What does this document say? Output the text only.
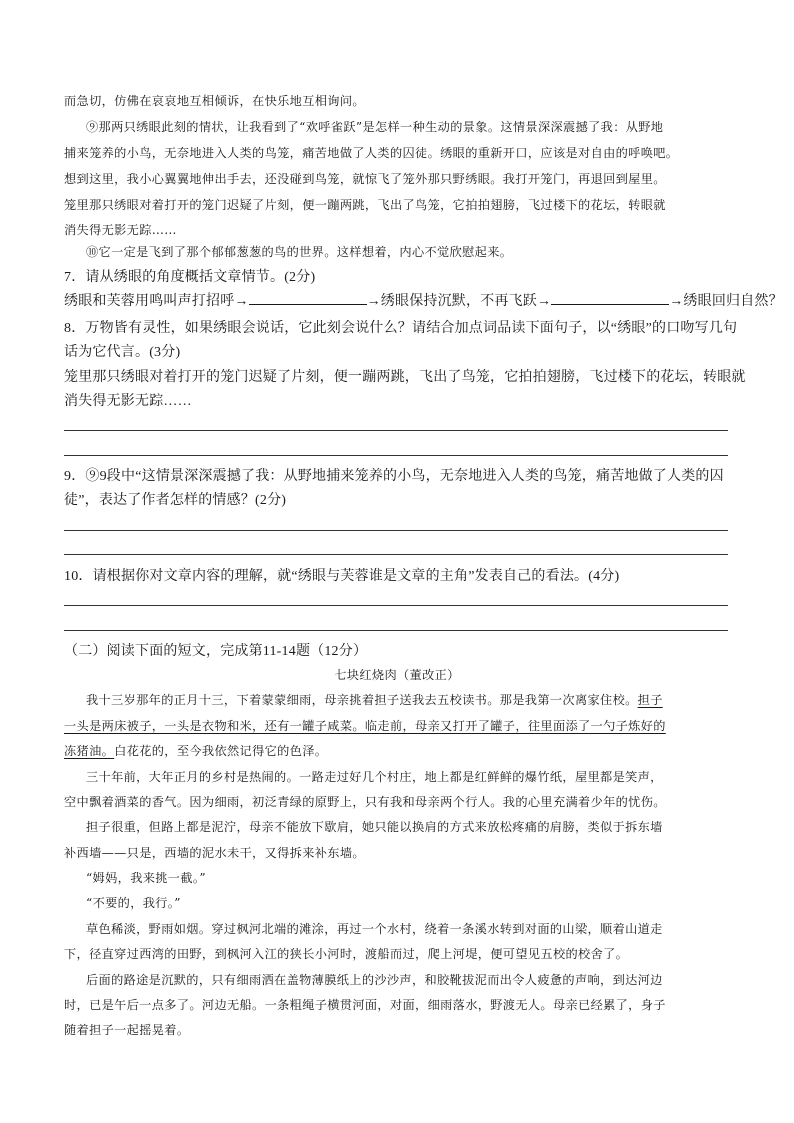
而急切，仿佛在哀哀地互相倾诉，在快乐地互相询问。
⑨那两只绣眼此刻的情状，让我看到了“欢呼雀跃”是怎样一种生动的景象。这情景深深震撼了我：从野地
捕来笼养的小鸟，无奈地进入人类的鸟笼，痛苦地做了人类的囚徒。绣眼的重新开口，应该是对自由的呼唤吧。
想到这里，我小心翼翼地伸出手去，还没碰到鸟笼，就惊飞了笼外那只野绣眼。我打开笼门，再退回到屋里。
笼里那只绣眼对着打开的笼门迟疑了片刻，便一蹦两跳，飞出了鸟笼，它拍拍翅膀，飞过楼下的花坛，转眼就
消失得无影无踪……
⑩它一定是飞到了那个郁郁葱葱的鸟的世界。这样想着，内心不觉欣慰起来。
7．请从绣眼的角度概括文章情节。(2分)
绣眼和芙蓉用鸣叫声打招呼→	→绣眼保持沉默，不再飞跃→	→绣眼回归自然？
8．万物皆有灵性，如果绣眼会说话，它此刻会说什么？请结合加点词品读下面句子，以“绣眼”的口吻写几句
话为它代言。(3分)
笼里那只绣眼对着打开的笼门迟疑了片刻，便一蹦两跳，飞出了鸟笼，它拍拍翅膀，飞过楼下的花坛，转眼就
消失得无影无踪……
9．⑨9段中“这情景深深震撼了我：从野地捕来笼养的小鸟，无奈地进入人类的鸟笼，痛苦地做了人类的囚
徒”，表达了作者怎样的情感？(2分)
10．请根据你对文章内容的理解，就“绣眼与芙蓉谁是文章的主角”发表自己的看法。(4分)
（二）阅读下面的短文，完成第11-14题（12分）
七块红烧肉（董改正）
我十三岁那年的正月十三，下着蒙蒙细雨，母亲挑着担子送我去五校读书。那是我第一次离家住校。担子
一头是两床被子，一头是衣物和米，还有一罐子咸菜。临走前，母亲又打开了罐子，往里面添了一勺子炼好的
冻猪油。白花花的，至今我依然记得它的色泽。
三十年前，大年正月的乡村是热闹的。一路走过好几个村庄，地上都是红鲜鲜的爆竹纸，屋里都是笑声，
空中飘着酒菜的香气。因为细雨，初泛青绿的原野上，只有我和母亲两个行人。我的心里充满着少年的忧伤。
担子很重，但路上都是泥泞，母亲不能放下歇肩，她只能以换肩的方式来放松疼痛的肩膀，类似于拆东墙
补西墙——只是，西墙的泥水未干，又得拆来补东墙。
“姆妈，我来挑一截。”
“不要的，我行。”
草色稀淡，野雨如烟。穿过枫河北端的滩涂，再过一个水村，绕着一条溪水转到对面的山梁，顺着山道走
下，径直穿过西湾的田野，到枫河入江的狭长小河时，渡船而过，爬上河堤，便可望见五校的校舍了。
后面的路途是沉默的，只有细雨洒在盖物薄膜纸上的沙沙声，和胶靴拔泥而出令人疲惫的声响，到达河边
时，已是午后一点多了。河边无船。一条粗绳子横贯河面，对面，细雨落水，野渡无人。母亲已经累了，身子
随着担子一起摇晃着。
